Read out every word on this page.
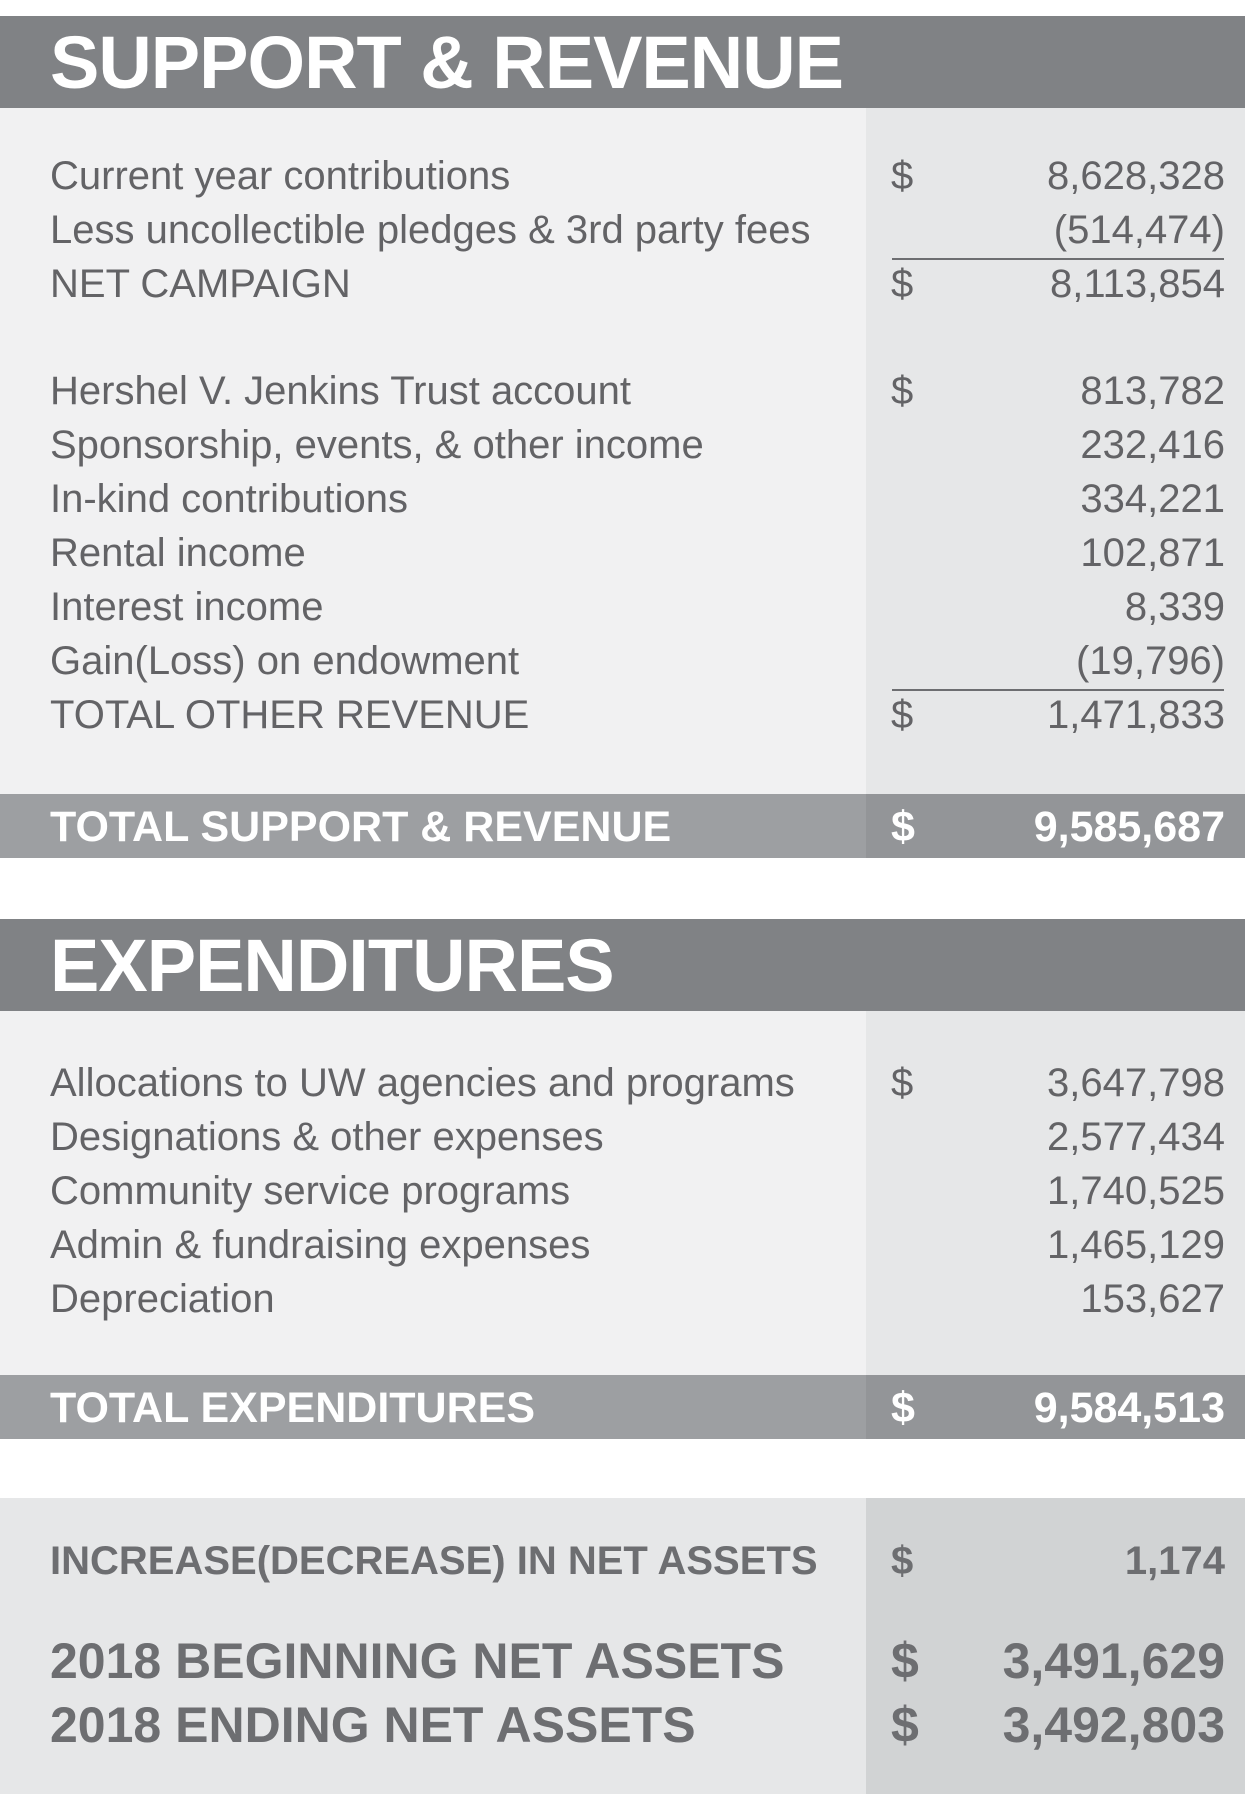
SUPPORT & REVENUE
Current year contributions	$	8,628,328
Less uncollectible pledges & 3rd party fees	(514,474)
NET CAMPAIGN	$	8,113,854
Hershel V. Jenkins Trust account	$	813,782
Sponsorship, events, & other income	232,416
In-kind contributions	334,221
Rental income	102,871
Interest income	8,339
Gain(Loss) on endowment	(19,796)
TOTAL OTHER REVENUE	$	1,471,833
TOTAL SUPPORT & REVENUE	$	9,585,687
EXPENDITURES
Allocations to UW agencies and programs $	3,647,798
Designations & other expenses	2,577,434
Community service programs	1,740,525
Admin & fundraising expenses	1,465,129
Depreciation	153,627
TOTAL EXPENDITURES	$	9,584,513
INCREASE(DECREASE) IN NET ASSETS $	1,174
2018 BEGINNING NET ASSETS $ 3,491,629
2018 ENDING NET ASSETS	$ 3,492,803
